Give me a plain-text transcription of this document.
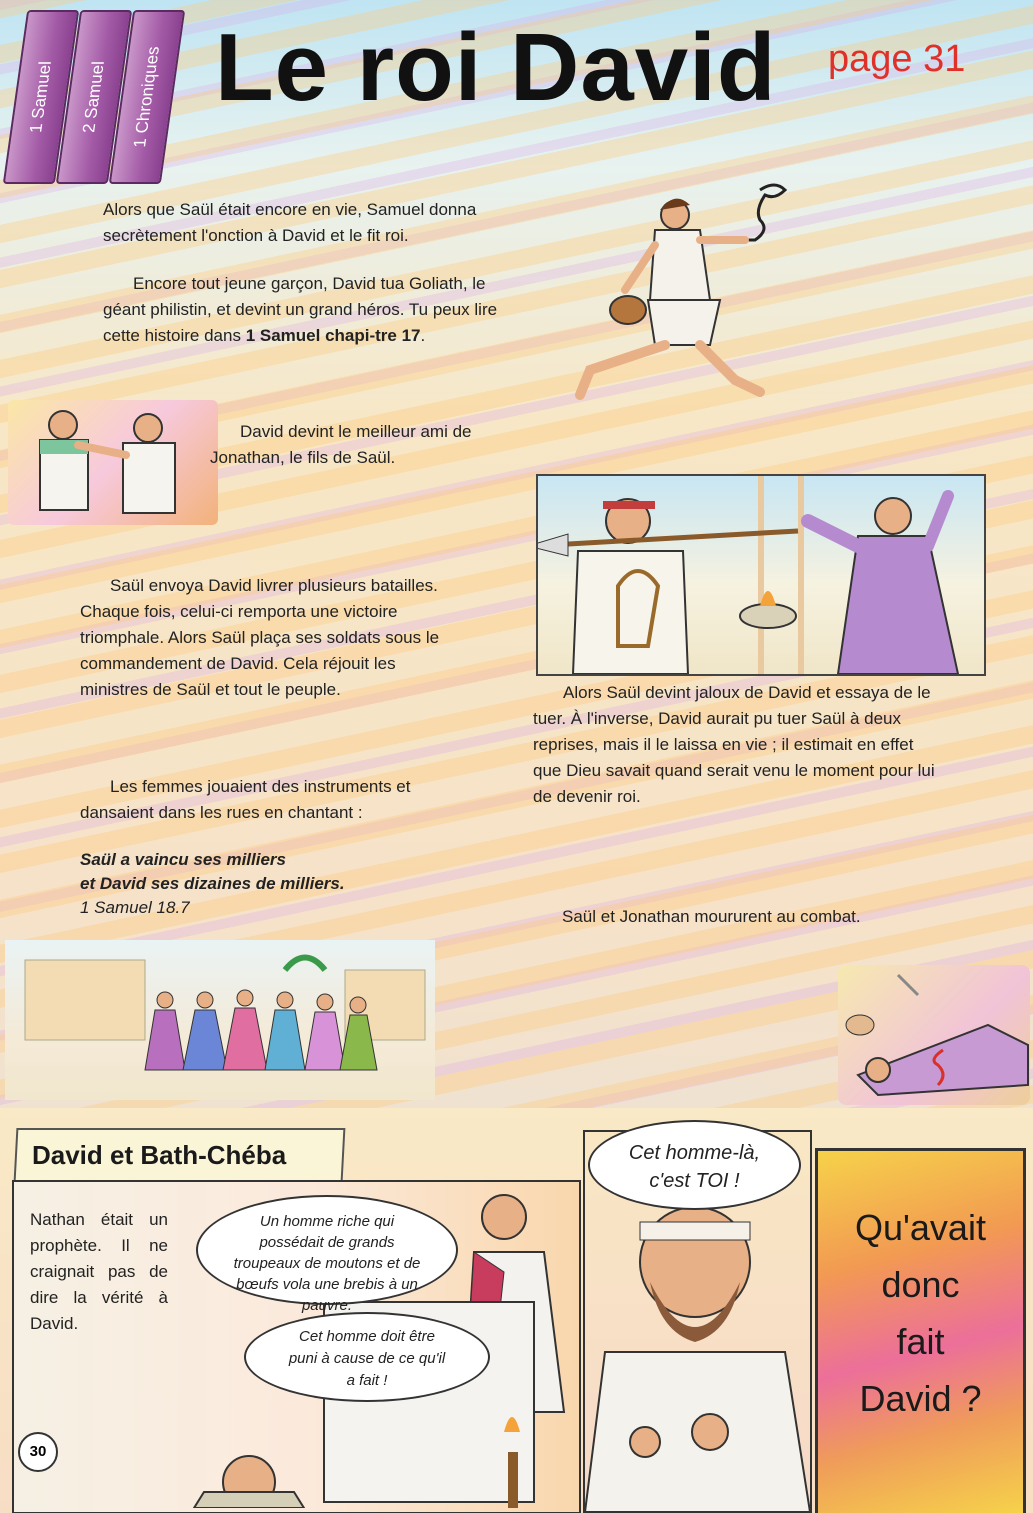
1 Samuel 2 Samuel 1 Chroniques Le roi David page 31
Alors que Saül était encore en vie, Samuel donna secrètement l'onction à David et le fit roi.
Encore tout jeune garçon, David tua Goliath, le géant philistin, et devint un grand héros. Tu peux lire cette histoire dans 1 Samuel chapi-tre 17.
David devint le meilleur ami de Jonathan, le fils de Saül.
Saül envoya David livrer plusieurs batailles. Chaque fois, celui-ci remporta une victoire triomphale. Alors Saül plaça ses soldats sous le commandement de David. Cela réjouit les ministres de Saül et tout le peuple.	Alors Saül devint jaloux de David et essaya de le tuer. À l'inverse, David aurait pu tuer Saül à deux reprises, mais il le laissa en vie ; il estimait en effet que Dieu savait quand serait venu le moment pour lui de devenir roi.
Les femmes jouaient des instruments et dansaient dans les rues en chantant :
Saül a vaincu ses milliers
et David ses dizaines de milliers.
1 Samuel 18.7	Saül et Jonathan moururent au combat.
David et Bath-Chéba
Nathan était un prophète. Il ne craignait pas de dire la vérité à David.
Un homme riche qui possédait de grands troupeaux de moutons et de bœufs vola une brebis à un pauvre.
Cet homme doit être puni à cause de ce qu'il a fait !
Cet homme-là,
c'est TOI !
Qu'avait
donc
fait
David ?
30
